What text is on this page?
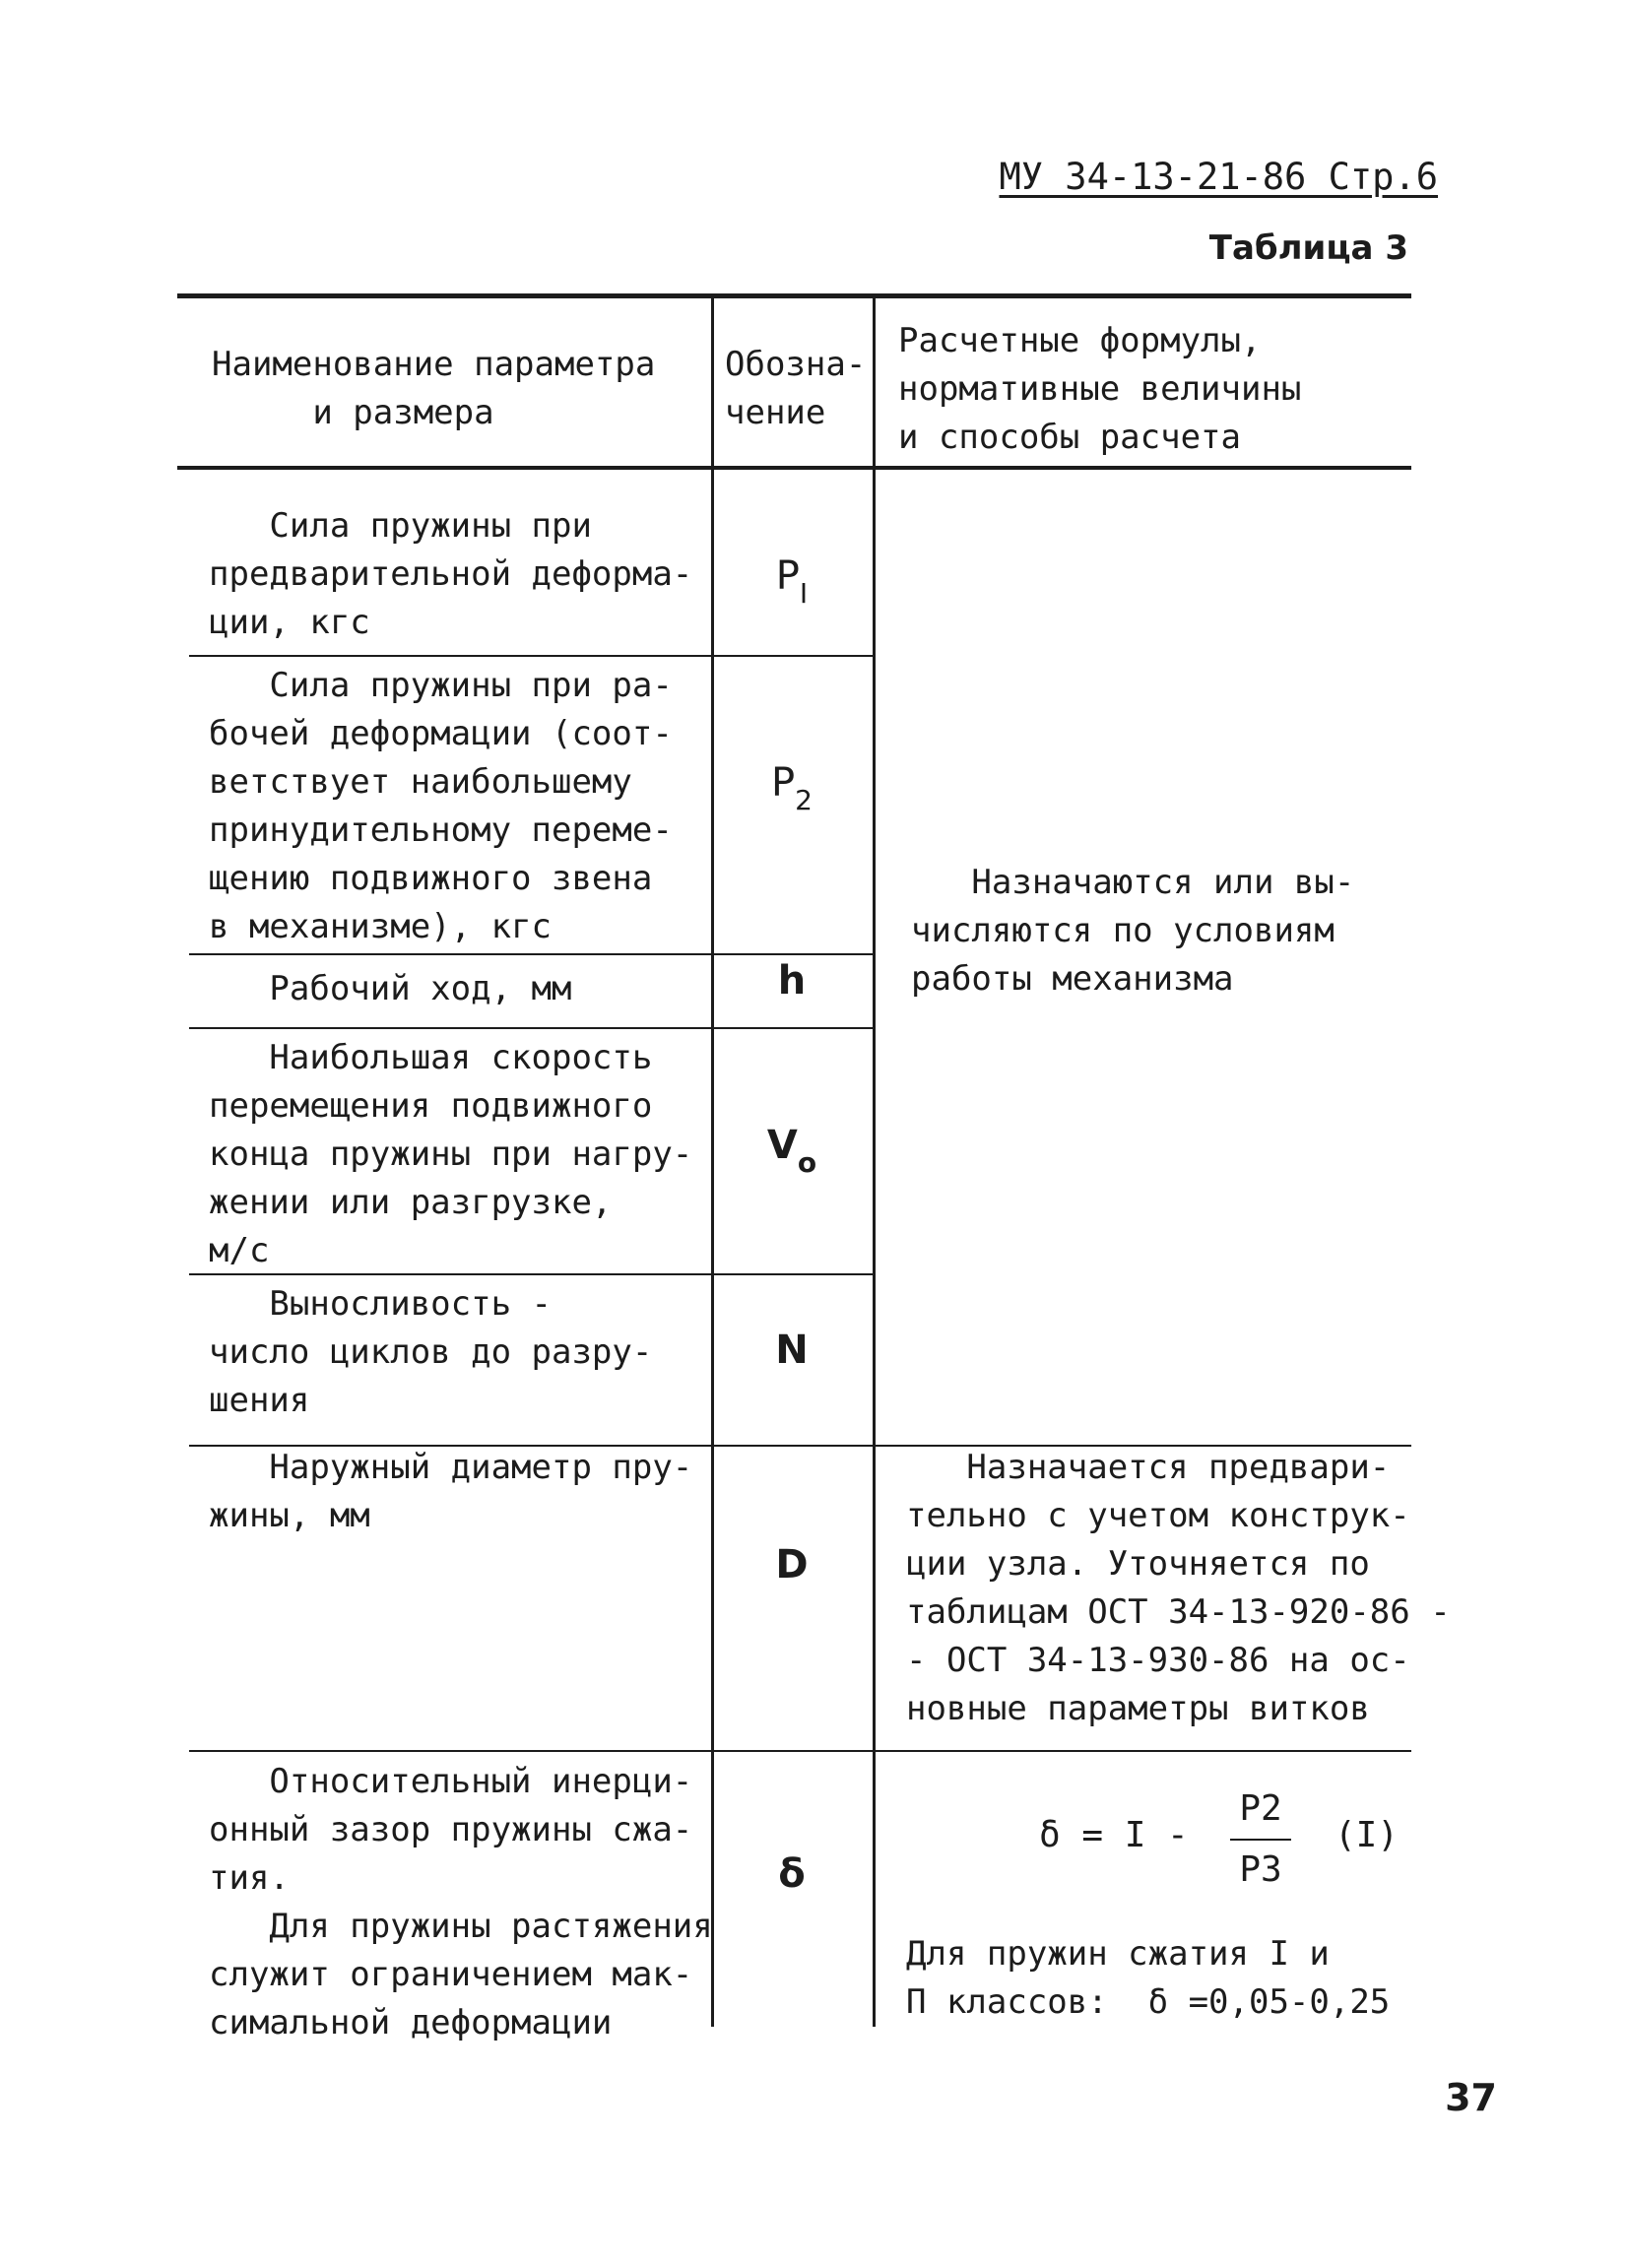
МУ 34-13-21-86 Стр.6
Таблица 3
Наименование параметра
и размера
Обозна-
чение
Расчетные формулы,
нормативные величины
и способы расчета
Сила пружины при
предварительной деформа-
ции, кгс
$P_I$
Сила пружины при ра-
бочей деформации (соот-
ветствует наибольшему
принудительному переме-
щению подвижного звена
в механизме), кгс
$P_2$
Рабочий ход, мм	h
Наибольшая скорость
перемещения подвижного
конца пружины при нагру-
жении или разгрузке,
м/с
$V_o$
Выносливость -
число циклов до разру-
шения
N
Назначаются или вы-
числяются по условиям
работы механизма
Наружный диаметр пру-
жины, мм
D
Назначается предвари-
тельно с учетом конструк-
ции узла. Уточняется по
таблицам ОСТ 34-13-920-86 -
- ОСТ 34-13-930-86 на ос-
новные параметры витков
Относительный инерци-
онный зазор пружины сжа-
тия.
Для пружины растяжения
служит ограничением мак-
симальной деформации
δ
δ = I -
P2
P3
(I)
Для пружин сжатия I и
П классов:  δ =0,05-0,25
37
